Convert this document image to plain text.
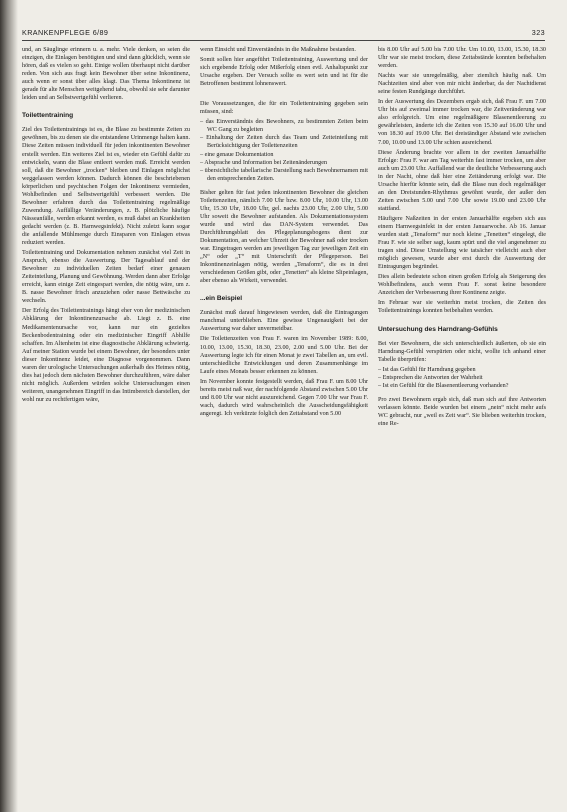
KRANKENPFLEGE 6/89	323

und, an Säuglinge erinnern u. a. mehr. Viele denken, so seien die einzigen, die Einlagen benötigten und sind dann glücklich, wenn sie hören, daß es vielen so geht. Einige wollen überhaupt nicht darüber reden. Von sich aus fragt kein Bewohner über seine Inkontinenz, auch wenn er sonst über alles klagt. Das Thema Inkontinenz ist gerade für alte Menschen weitgehend tabu, obwohl sie sehr darunter leiden und an Selbstwertgefühl verlieren.

Toilettentraining

Ziel des Toilettentrainings ist es, die Blase zu bestimmte Zeiten zu gewöhnen, bis zu denen sie die entstandene Urinmenge halten kann. Diese Zeiten müssen individuell für jeden inkontinenten Bewohner erstellt werden. Ein weiteres Ziel ist es, wieder ein Gefühl dafür zu entwickeln, wann die Blase entleert werden muß. Erreicht werden soll, daß die Bewohner „trocken“ bleiben und Einlagen möglichst weggelassen werden können. Dadurch können die beschriebenen körperlichen und psychischen Folgen der Inkontinenz vermieden, Wohlbefinden und Selbstwertgefühl verbessert werden. Die Bewohner erfahren durch das Toilettentraining regelmäßige Zuwendung. Auffällige Veränderungen, z. B. plötzliche häufige Nässeanfälle, werden erkannt werden, es muß dabei an Krankheiten gedacht werden (z. B. Harnwegsinfekt). Nicht zuletzt kann sogar die anfallende Mühlmenge durch Einsparen von Einlagen etwas reduziert werden.

Toilettentraining und Dokumentation nehmen zunächst viel Zeit in Anspruch, ebenso die Auswertung. Der Tagesablauf und der Bewohner zu individuellen Zeiten bedarf einer genauen Zeiteinteilung, Planung und Gewöhnung. Werden dann aber Erfolge erreicht, kann einige Zeit eingespart werden, die nötig wäre, um z. B. nasse Bewohner frisch anzuziehen oder nasse Bettwäsche zu wechseln.

Der Erfolg des Toilettentrainings hängt eher von der medizinischen Abklärung der Inkontinenzursache ab. Liegt z. B. eine Medikamentenursache vor, kann nur ein gezieltes Beckenbodentraining oder ein medizinischer Eingriff Abhilfe schaffen. Im Altenheim ist eine diagnostische Abklärung schwierig. Auf meiner Station wurde bei einem Bewohner, der besonders unter dieser Inkontinenz leidet, eine Diagnose vorgenommen. Dann waren der urologische Untersuchungen außerhalb des Heimes nötig, dies hat jedoch dem nächsten Bewohner durchzuführen, wäre daher nicht möglich. Außerdem würden solche Untersuchungen einen weiteren, unangenehmen Eingriff in das Intimbereich darstellen, der wohl nur zu rechtfertigen wäre,

wenn Einsicht und Einverständnis in die Maßnahme bestanden.

Somit sollen hier angeführt Toilettentraining, Auswertung und der sich ergebende Erfolg oder Mißerfolg einen evtl. Anhaltspunkt zur Ursache ergeben. Der Versuch sollte es wert sein und ist für die Betroffenen bestimmt lohnenswert.

Die Voraussetzungen, die für ein Toilettentraining gegeben sein müssen, sind:

– das Einverständnis des Bewohners, zu bestimmten Zeiten beim WC Gang zu begleiten
– Einhaltung der Zeiten durch das Team und Zeiteinteilung mit Berücksichtigung der Toilettenzeiten
– eine genaue Dokumentation
– Absprache und Information bei Zeitenänderungen
– übersichtliche tabellarische Darstellung nach Bewohnernamen mit den entsprechenden Zeiten.

Bisher gelten für fast jeden inkontinenten Bewohner die gleichen Toilettenzeiten, nämlich 7.00 Uhr bzw. 8.00 Uhr, 10.00 Uhr, 13.00 Uhr, 15.30 Uhr, 18.00 Uhr, gel. nachts 23.00 Uhr, 2.00 Uhr, 5.00 Uhr soweit die Bewohner aufstanden. Als Dokumentationssystem wurde und wird das DAN-System verwendet. Das Durchführungsblatt des Pflegeplanungsbogens dient zur Dokumentation, an welcher Uhrzeit der Bewohner naß oder trocken war. Eingetragen werden am jeweiligen Tag zur jeweiligen Zeit ein „N“ oder „T“ mit Unterschrift der Pflegeperson. Bei Inkontinenzeinlagen nötig, werden „Tenaform“, die es in drei verschiedenen Größen gibt, oder „Tenetten“ als kleine Slipeinlagen, aber ebenso als Wirkeit, verwendet.

...ein Beispiel

Zunächst muß darauf hingewiesen werden, daß die Eintragungen manchmal unterblieben. Eine gewisse Ungenauigkeit bei der Auswertung war daher unvermeidbar.

Die Toilettenzeiten von Frau F. waren im November 1989: 8.00, 10.00, 13.00, 15.30, 18.30, 23.00, 2.00 und 5.00 Uhr. Bei der Auswertung legte ich für einen Monat je zwei Tabellen an, um evtl. unterschiedliche Entwicklungen und deren Zusammenhänge im Laufe eines Monats besser erkennen zu können.

Im November konnte festgestellt werden, daß Frau F. um 8.00 Uhr bereits meist naß war, der nachfolgende Abstand zwischen 5.00 Uhr und 8.00 Uhr war nicht auszureichend. Gegen 7.00 Uhr war Frau F. wach, dadurch wird wahrscheinlich die Ausscheidungsfähigkeit angeregt. Ich verkürzte folglich den Zeitabstand von 5.00

bis 8.00 Uhr auf 5.00 bis 7.00 Uhr. Um 10.00, 13.00, 15.30, 18.30 Uhr war sie meist trocken, diese Zeitabstände konnten beibehalten werden.

Nachts war sie unregelmäßig, aber ziemlich häufig naß. Um Nachtzeiten sind aber von mir nicht änderbar, da der Nachtdienst seine festen Rundgänge durchführt.

In der Auswertung des Dezembers ergab sich, daß Frau F. um 7.00 Uhr bis auf zweimal immer trocken war, die Zeitveränderung war also erfolgreich. Um eine regelmäßigere Blasenentleerung zu gewährleisten, änderte ich die Zeiten von 15.30 auf 16.00 Uhr und von 18.30 auf 19.00 Uhr. Bei dreiständiger Abstand wie zwischen 7.00, 10.00 und 13.00 Uhr schien ausreichend.

Diese Änderung brachte vor allem in der zweiten Januarhälfte Erfolge: Frau F. war am Tag weiterhin fast immer trocken, um aber auch um 23.00 Uhr. Auffallend war die deutliche Verbesserung auch in der Nacht, ohne daß hier eine Zeitänderung erfolgt war. Die Ursache hierfür könnte sein, daß die Blase nun doch regelmäßiger an den Dreistunden-Rhythmus gewöhnt wurde, der außer den Zeiten zwischen 5.00 und 7.00 Uhr sowie 19.00 und 23.00 Uhr stattfand.

Häufigere Naßzeiten in der ersten Januarhälfte ergeben sich aus einem Harnwegsinfekt in der ersten Januarwoche. Ab 16. Januar wurden statt „Tenaform“ nur noch kleine „Tenetten“ eingelegt, die Frau F. wie sie selber sagt, kaum spürt und die viel angenehmer zu tragen sind. Diese Umstellung wie tatsächer vielleicht auch eher möglich gewesen, wurde aber erst durch die Auswertung der Eintragungen begründet.

Dies allein bedeutete schon einen großen Erfolg als Steigerung des Wohlbefindens, auch wenn Frau F. sonst keine besondere Anzeichen der Verbesserung ihrer Kontinenz zeigte.

Im Februar war sie weiterhin meist trocken, die Zeiten des Toilettentrainings konnten beibehalten werden.

Untersuchung des Harndrang-Gefühls

Bei vier Bewohnern, die sich unterschiedlich äußerten, ob sie ein Harndrang-Gefühl verspürten oder nicht, wollte ich anhand einer Tabelle überprüfen:

– Ist das Gefühl für Harndrang gegeben
– Entsprechen die Antworten der Wahrheit
– Ist ein Gefühl für die Blasenentleerung vorhanden?

Pro zwei Bewohnern ergab sich, daß man sich auf ihre Antworten verlassen könnte. Beide wurden bei einem „nein“ nicht mehr aufs WC gebracht, nur „weil es Zeit war“. Sie blieben weiterhin trocken, eine Re-
